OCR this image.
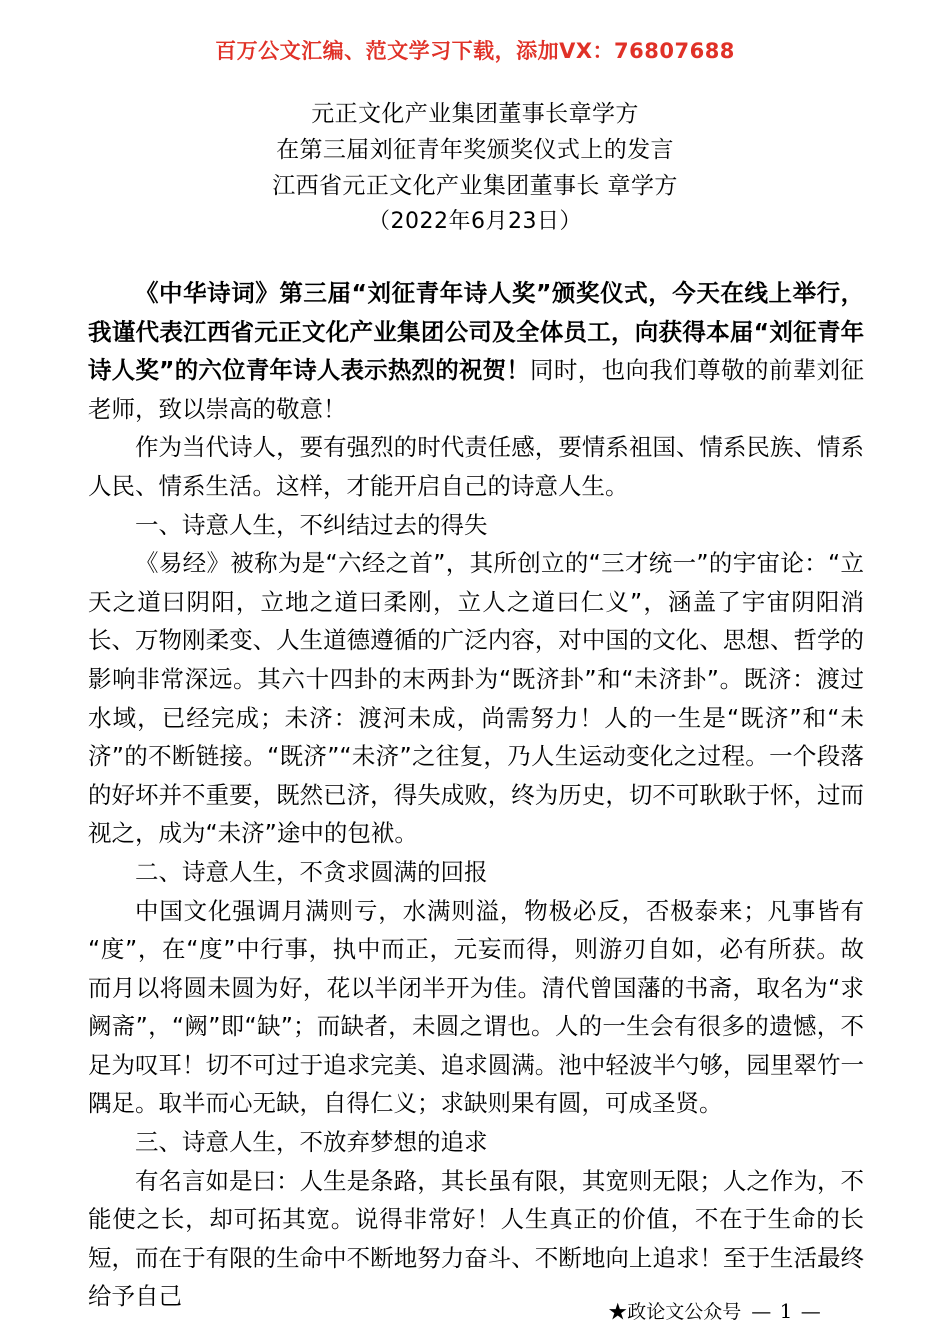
百万公文汇编、范文学习下载，添加VX：76807688
元正文化产业集团董事长章学方
在第三届刘征青年奖颁奖仪式上的发言
江西省元正文化产业集团董事长 章学方
（2022年6月23日）

《中华诗词》第三届“刘征青年诗人奖”颁奖仪式，今天在线上举行，我谨代表江西省元正文化产业集团公司及全体员工，向获得本届“刘征青年诗人奖”的六位青年诗人表示热烈的祝贺！同时，也向我们尊敬的前辈刘征老师，致以崇高的敬意！

作为当代诗人，要有强烈的时代责任感，要情系祖国、情系民族、情系人民、情系生活。这样，才能开启自己的诗意人生。

一、诗意人生，不纠结过去的得失

《易经》被称为是“六经之首”，其所创立的“三才统一”的宇宙论：“立天之道曰阴阳，立地之道曰柔刚，立人之道曰仁义”，涵盖了宇宙阴阳消长、万物刚柔变、人生道德遵循的广泛内容，对中国的文化、思想、哲学的影响非常深远。其六十四卦的末两卦为“既济卦”和“未济卦”。既济：渡过水域，已经完成；未济：渡河未成，尚需努力！人的一生是“既济”和“未济”的不断链接。“既济”“未济”之往复，乃人生运动变化之过程。一个段落的好坏并不重要，既然已济，得失成败，终为历史，切不可耿耿于怀，过而视之，成为“未济”途中的包袱。

二、诗意人生，不贪求圆满的回报

中国文化强调月满则亏，水满则溢，物极必反，否极泰来；凡事皆有“度”，在“度”中行事，执中而正，元妄而得，则游刃自如，必有所获。故而月以将圆未圆为好，花以半闭半开为佳。清代曾国藩的书斋，取名为“求阙斋”，“阙”即“缺”；而缺者，未圆之谓也。人的一生会有很多的遗憾，不足为叹耳！切不可过于追求完美、追求圆满。池中轻波半勺够，园里翠竹一隅足。取半而心无缺，自得仁义；求缺则果有圆，可成圣贤。

三、诗意人生，不放弃梦想的追求

有名言如是曰：人生是条路，其长虽有限，其宽则无限；人之作为，不能使之长，却可拓其宽。说得非常好！人生真正的价值，不在于生命的长短，而在于有限的生命中不断地努力奋斗、不断地向上追求！至于生活最终给予自己

★政论文公众号 — 1 —
